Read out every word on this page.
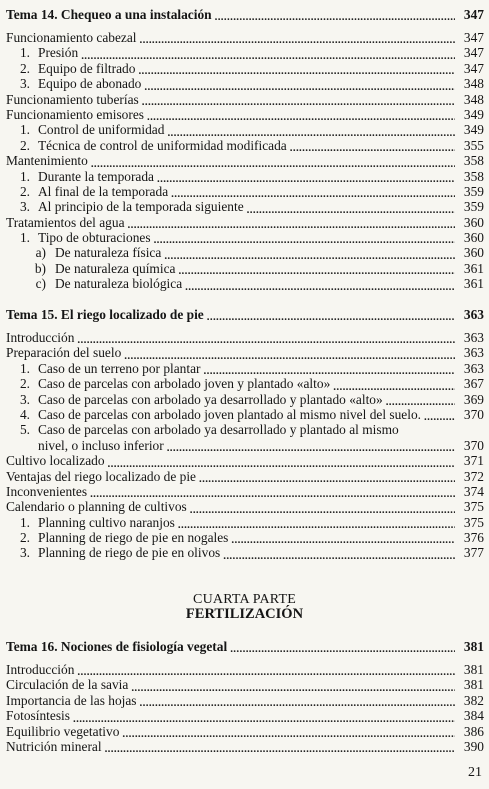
Tema 14. Chequeo a una instalación . . .	347
Funcionamiento cabezal . . .	347
1. Presión . . .	347
2. Equipo de filtrado . . .	347
3. Equipo de abonado . . .	348
Funcionamiento tuberías . . .	348
Funcionamiento emisores . . .	349
1. Control de uniformidad . . .	349
2. Técnica de control de uniformidad modificada . . .	355
Mantenimiento . . .	358
1. Durante la temporada . . .	358
2. Al final de la temporada . . .	359
3. Al principio de la temporada siguiente . . .	359
Tratamientos del agua . . .	360
1. Tipo de obturaciones . . .	360
a) De naturaleza física . . .	360
b) De naturaleza química . . .	361
c) De naturaleza biológica . . .	361
Tema 15. El riego localizado de pie . . .	363
Introducción . . .	363
Preparación del suelo . . .	363
1. Caso de un terreno por plantar . . .	363
2. Caso de parcelas con arbolado joven y plantado «alto» . . .	367
3. Caso de parcelas con arbolado ya desarrollado y plantado «alto» . . .	369
4. Caso de parcelas con arbolado joven plantado al mismo nivel del suelo. . . .	370
5. Caso de parcelas con arbolado ya desarrollado y plantado al mismo
nivel, o incluso inferior . . .	370
Cultivo localizado . . .	371
Ventajas del riego localizado de pie . . .	372
Inconvenientes . . .	374
Calendario o planning de cultivos . . .	375
1. Planning cultivo naranjos . . .	375
2. Planning de riego de pie en nogales . . .	376
3. Planning de riego de pie en olivos . . .	377
CUARTA PARTE
FERTILIZACIÓN
Tema 16. Nociones de fisiología vegetal . . .	381
Introducción . . .	381
Circulación de la savia . . .	381
Importancia de las hojas . . .	382
Fotosíntesis . . .	384
Equilibrio vegetativo . . .	386
Nutrición mineral . . .	390
21
